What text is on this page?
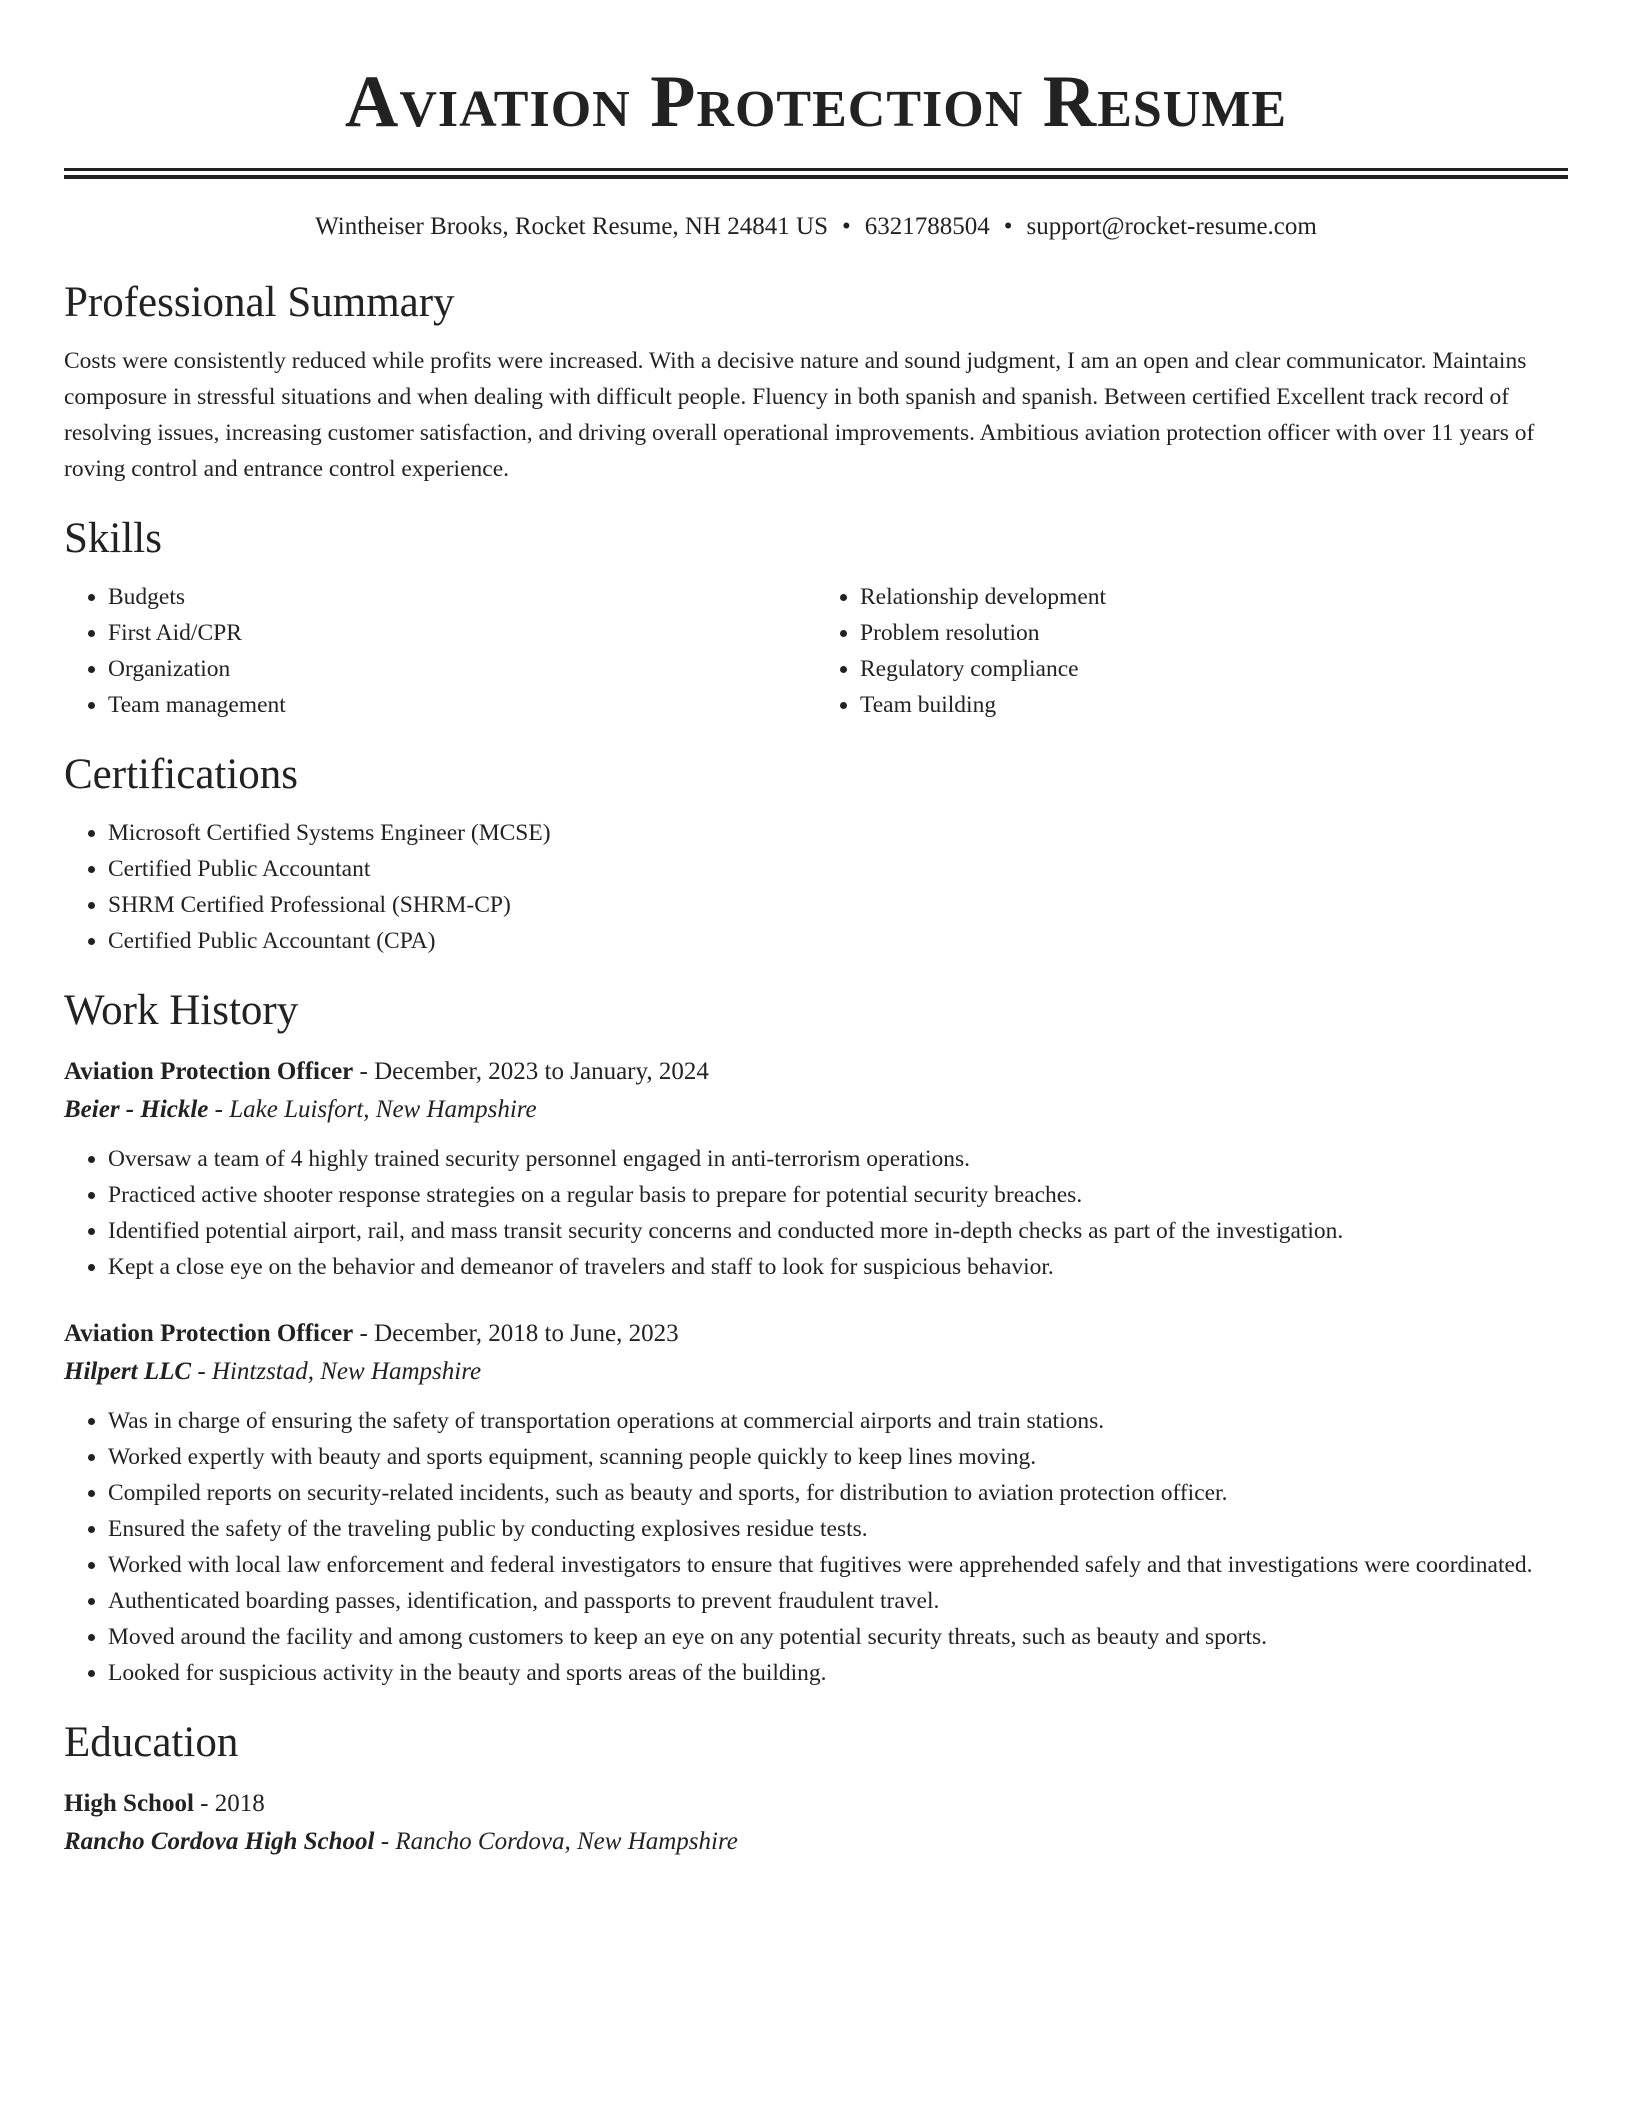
Aviation Protection Resume
Wintheiser Brooks, Rocket Resume, NH 24841 US • 6321788504 • support@rocket-resume.com
Professional Summary

Costs were consistently reduced while profits were increased. With a decisive nature and sound judgment, I am an open and clear communicator. Maintains composure in stressful situations and when dealing with difficult people. Fluency in both spanish and spanish. Between certified Excellent track record of resolving issues, increasing customer satisfaction, and driving overall operational improvements. Ambitious aviation protection officer with over 11 years of roving control and entrance control experience.

Skills
• Budgets
• First Aid/CPR
• Organization
• Team management
• Relationship development
• Problem resolution
• Regulatory compliance
• Team building
Certifications
• Microsoft Certified Systems Engineer (MCSE)
• Certified Public Accountant
• SHRM Certified Professional (SHRM-CP)
• Certified Public Accountant (CPA)
Work History
Aviation Protection Officer - December, 2023 to January, 2024
Beier - Hickle - Lake Luisfort, New Hampshire
• Oversaw a team of 4 highly trained security personnel engaged in anti-terrorism operations.
• Practiced active shooter response strategies on a regular basis to prepare for potential security breaches.
• Identified potential airport, rail, and mass transit security concerns and conducted more in-depth checks as part of the investigation.
• Kept a close eye on the behavior and demeanor of travelers and staff to look for suspicious behavior.
Aviation Protection Officer - December, 2018 to June, 2023
Hilpert LLC - Hintzstad, New Hampshire
• Was in charge of ensuring the safety of transportation operations at commercial airports and train stations.
• Worked expertly with beauty and sports equipment, scanning people quickly to keep lines moving.
• Compiled reports on security-related incidents, such as beauty and sports, for distribution to aviation protection officer.
• Ensured the safety of the traveling public by conducting explosives residue tests.
• Worked with local law enforcement and federal investigators to ensure that fugitives were apprehended safely and that investigations were coordinated.
• Authenticated boarding passes, identification, and passports to prevent fraudulent travel.
• Moved around the facility and among customers to keep an eye on any potential security threats, such as beauty and sports.
• Looked for suspicious activity in the beauty and sports areas of the building.
Education
High School - 2018
Rancho Cordova High School - Rancho Cordova, New Hampshire
